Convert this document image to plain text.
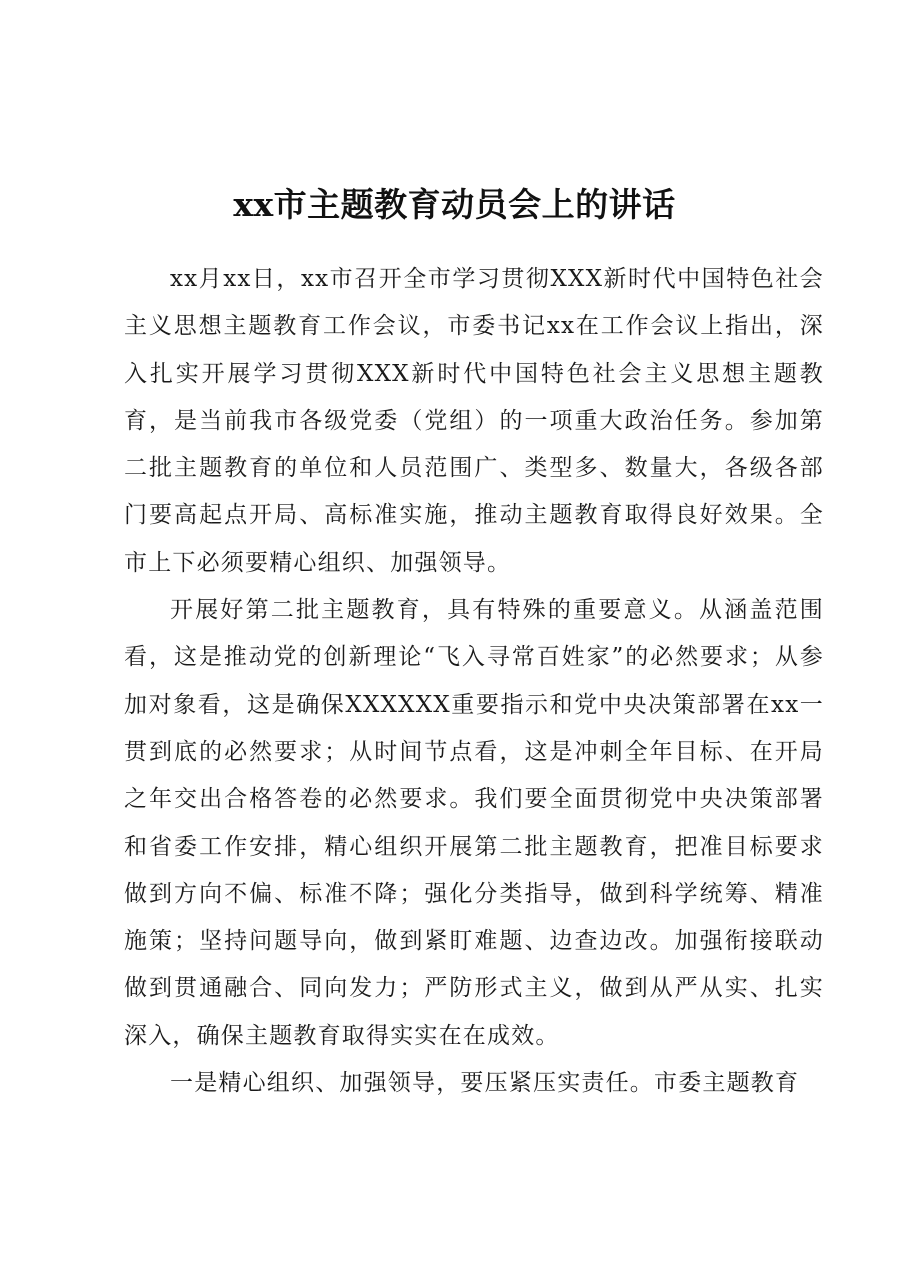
xx市主题教育动员会上的讲话

xx月xx日，xx市召开全市学习贯彻XXX新时代中国特色社会主义思想主题教育工作会议，市委书记xx在工作会议上指出，深入扎实开展学习贯彻XXX新时代中国特色社会主义思想主题教育，是当前我市各级党委（党组）的一项重大政治任务。参加第二批主题教育的单位和人员范围广、类型多、数量大，各级各部门要高起点开局、高标准实施，推动主题教育取得良好效果。全市上下必须要精心组织、加强领导。

开展好第二批主题教育，具有特殊的重要意义。从涵盖范围看，这是推动党的创新理论“飞入寻常百姓家”的必然要求；从参加对象看，这是确保XXXXXX重要指示和党中央决策部署在xx一贯到底的必然要求；从时间节点看，这是冲刺全年目标、在开局之年交出合格答卷的必然要求。我们要全面贯彻党中央决策部署和省委工作安排，精心组织开展第二批主题教育，把准目标要求做到方向不偏、标准不降；强化分类指导，做到科学统筹、精准施策；坚持问题导向，做到紧盯难题、边查边改。加强衔接联动做到贯通融合、同向发力；严防形式主义，做到从严从实、扎实深入，确保主题教育取得实实在在成效。

一是精心组织、加强领导，要压紧压实责任。市委主题教育
